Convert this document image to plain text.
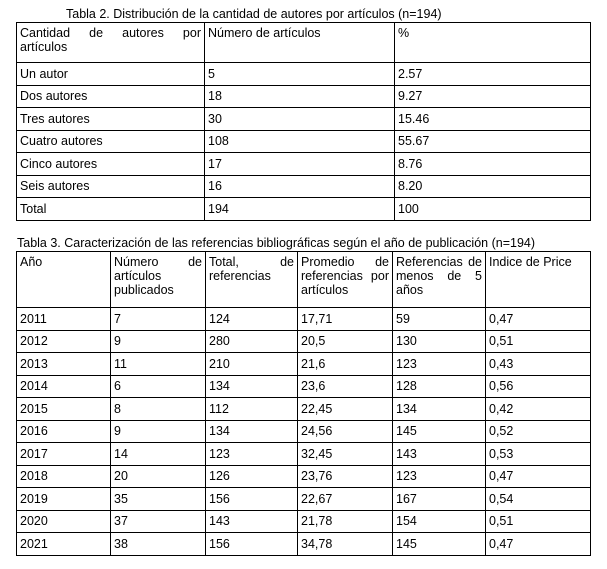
Tabla 2. Distribución de la cantidad de autores por artículos (n=194)
Cantidad de autores por artículos	Número de artículos	%
Un autor	5	2.57
Dos autores	18	9.27
Tres autores	30	15.46
Cuatro autores	108	55.67
Cinco autores	17	8.76
Seis autores	16	8.20
Total	194	100
Tabla 3. Caracterización de las referencias bibliográficas según el año de publicación (n=194)
Año	Número de artículos publicados	Total, de referencias	Promedio de referencias por artículos	Referencias de menos de 5 años	Indice de Price
2011	7	124	17,71	59	0,47
2012	9	280	20,5	130	0,51
2013	11	210	21,6	123	0,43
2014	6	134	23,6	128	0,56
2015	8	112	22,45	134	0,42
2016	9	134	24,56	145	0,52
2017	14	123	32,45	143	0,53
2018	20	126	23,76	123	0,47
2019	35	156	22,67	167	0,54
2020	37	143	21,78	154	0,51
2021	38	156	34,78	145	0,47
